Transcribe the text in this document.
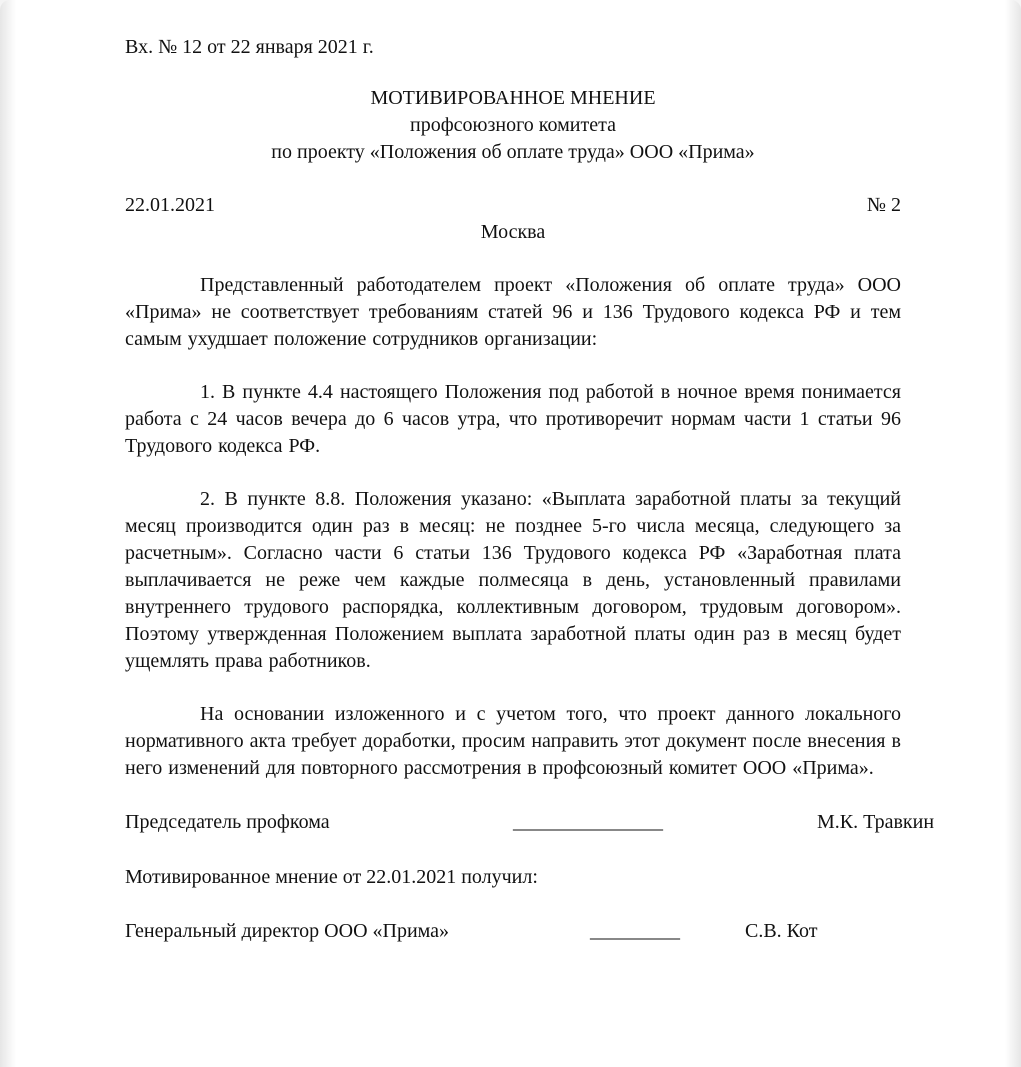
Вх. № 12 от 22 января 2021 г.
МОТИВИРОВАННОЕ МНЕНИЕ
профсоюзного комитета
по проекту «Положения об оплате труда» ООО «Прима»
22.01.2021	№ 2
Москва

Представленный работодателем проект «Положения об оплате труда» ООО «Прима» не соответствует требованиям статей 96 и 136 Трудового кодекса РФ и тем самым ухудшает положение сотрудников организации:

1. В пункте 4.4 настоящего Положения под работой в ночное время понимается работа с 24 часов вечера до 6 часов утра, что противоречит нормам части 1 статьи 96 Трудового кодекса РФ.

2. В пункте 8.8. Положения указано: «Выплата заработной платы за текущий месяц производится один раз в месяц: не позднее 5-го числа месяца, следующего за расчетным». Согласно части 6 статьи 136 Трудового кодекса РФ «Заработная плата выплачивается не реже чем каждые полмесяца в день, установленный правилами внутреннего трудового распорядка, коллективным договором, трудовым договором». Поэтому утвержденная Положением выплата заработной платы один раз в месяц будет ущемлять права работников.

На основании изложенного и с учетом того, что проект данного локального нормативного акта требует доработки, просим направить этот документ после внесения в него изменений для повторного рассмотрения в профсоюзный комитет ООО «Прима».

Председатель профкома	_______________	М.К. Травкин
Мотивированное мнение от 22.01.2021 получил:
Генеральный директор ООО «Прима»	_________	С.В. Кот
